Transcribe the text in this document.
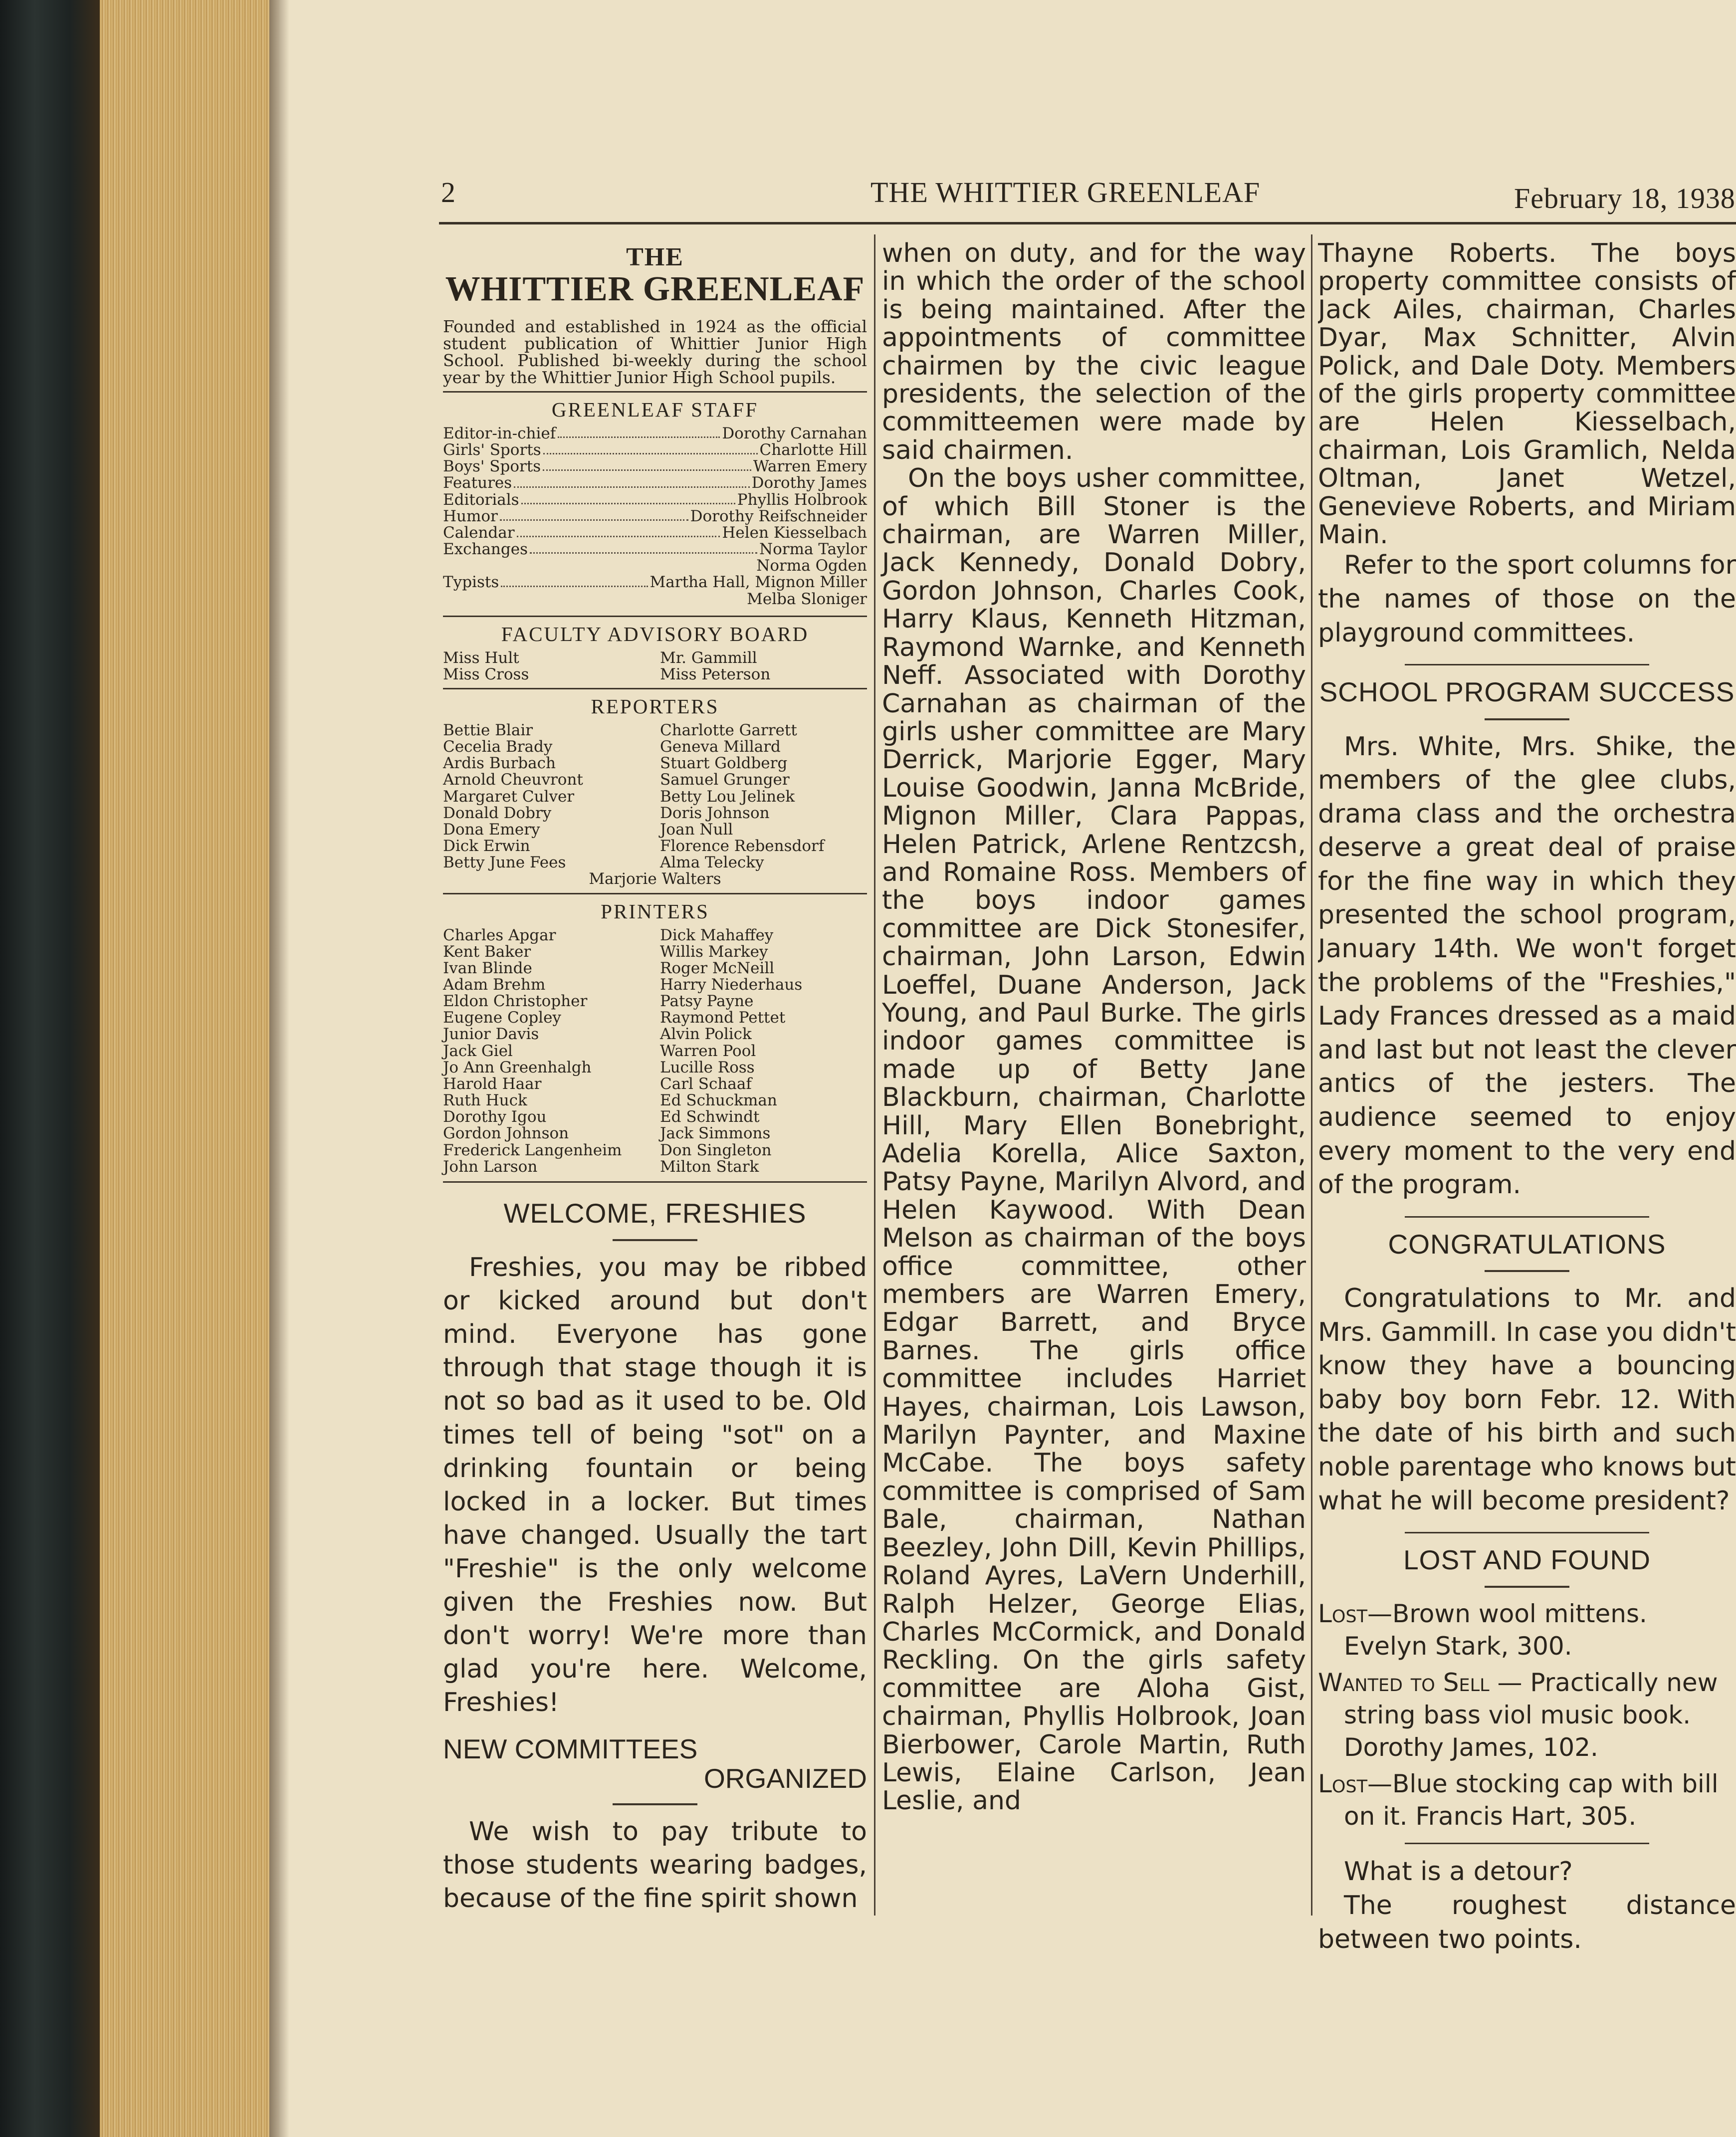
2	THE WHITTIER GREENLEAF	February 18, 1938
THE
WHITTIER GREENLEAF
Founded and established in 1924 as the official student publication of Whittier Junior High School. Published bi-weekly during the school year by the Whittier Junior High School pupils.
GREENLEAF STAFF
Editor-in-chief	Dorothy Carnahan
Girls' Sports	Charlotte Hill
Boys' Sports	Warren Emery
Features	Dorothy James
Editorials	Phyllis Holbrook
Humor	Dorothy Reifschneider
Calendar	Helen Kiesselbach
Exchanges	Norma Taylor
Norma Ogden
Typists	Martha Hall, Mignon Miller
Melba Sloniger
FACULTY ADVISORY BOARD
Miss Hult	Mr. Gammill
Miss Cross	Miss Peterson
REPORTERS
Bettie Blair	Charlotte Garrett
Cecelia Brady	Geneva Millard
Ardis Burbach	Stuart Goldberg
Arnold Cheuvront	Samuel Grunger
Margaret Culver	Betty Lou Jelinek
Donald Dobry	Doris Johnson
Dona Emery	Joan Null
Dick Erwin	Florence Rebensdorf
Betty June Fees	Alma Telecky
Marjorie Walters
PRINTERS
Charles Apgar	Dick Mahaffey
Kent Baker	Willis Markey
Ivan Blinde	Roger McNeill
Adam Brehm	Harry Niederhaus
Eldon Christopher	Patsy Payne
Eugene Copley	Raymond Pettet
Junior Davis	Alvin Polick
Jack Giel	Warren Pool
Jo Ann Greenhalgh	Lucille Ross
Harold Haar	Carl Schaaf
Ruth Huck	Ed Schuckman
Dorothy Igou	Ed Schwindt
Gordon Johnson	Jack Simmons
Frederick Langenheim	Don Singleton
John Larson	Milton Stark
WELCOME, FRESHIES

Freshies, you may be ribbed or kicked around but don't mind. Everyone has gone through that stage though it is not so bad as it used to be. Old times tell of being "sot" on a drinking fountain or being locked in a locker. But times have changed. Usually the tart "Freshie" is the only welcome given the Freshies now. But don't worry! We're more than glad you're here. Welcome, Freshies!

NEW COMMITTEES
ORGANIZED

We wish to pay tribute to those students wearing badges, because of the fine spirit shown

when on duty, and for the way in which the order of the school is being maintained. After the appointments of committee chairmen by the civic league presidents, the selection of the committeemen were made by said chairmen.

On the boys usher committee, of which Bill Stoner is the chairman, are Warren Miller, Jack Kennedy, Donald Dobry, Gordon Johnson, Charles Cook, Harry Klaus, Kenneth Hitzman, Raymond Warnke, and Kenneth Neff. Associated with Dorothy Carnahan as chairman of the girls usher committee are Mary Derrick, Marjorie Egger, Mary Louise Goodwin, Janna McBride, Mignon Miller, Clara Pappas, Helen Patrick, Arlene Rentzcsh, and Romaine Ross. Members of the boys indoor games committee are Dick Stonesifer, chairman, John Larson, Edwin Loeffel, Duane Anderson, Jack Young, and Paul Burke. The girls indoor games committee is made up of Betty Jane Blackburn, chairman, Charlotte Hill, Mary Ellen Bonebright, Adelia Korella, Alice Saxton, Patsy Payne, Marilyn Alvord, and Helen Kaywood. With Dean Melson as chairman of the boys office committee, other members are Warren Emery, Edgar Barrett, and Bryce Barnes. The girls office committee includes Harriet Hayes, chairman, Lois Lawson, Marilyn Paynter, and Maxine McCabe. The boys safety committee is comprised of Sam Bale, chairman, Nathan Beezley, John Dill, Kevin Phillips, Roland Ayres, LaVern Underhill, Ralph Helzer, George Elias, Charles McCormick, and Donald Reckling. On the girls safety committee are Aloha Gist, chairman, Phyllis Holbrook, Joan Bierbower, Carole Martin, Ruth Lewis, Elaine Carlson, Jean Leslie, and

Thayne Roberts. The boys property committee consists of Jack Ailes, chairman, Charles Dyar, Max Schnitter, Alvin Polick, and Dale Doty. Members of the girls property committee are Helen Kiesselbach, chairman, Lois Gramlich, Nelda Oltman, Janet Wetzel, Genevieve Roberts, and Miriam Main.

Refer to the sport columns for the names of those on the playground committees.

SCHOOL PROGRAM SUCCESS

Mrs. White, Mrs. Shike, the members of the glee clubs, drama class and the orchestra deserve a great deal of praise for the fine way in which they presented the school program, January 14th. We won't forget the problems of the "Freshies," Lady Frances dressed as a maid and last but not least the clever antics of the jesters. The audience seemed to enjoy every moment to the very end of the program.

CONGRATULATIONS

Congratulations to Mr. and Mrs. Gammill. In case you didn't know they have a bouncing baby boy born Febr. 12. With the date of his birth and such noble parentage who knows but what he will become president?

LOST AND FOUND

Lost—Brown wool mittens. Evelyn Stark, 300.

Wanted to Sell — Practically new string bass viol music book. Dorothy James, 102.

Lost—Blue stocking cap with bill on it. Francis Hart, 305.

What is a detour?

The roughest distance between two points.
